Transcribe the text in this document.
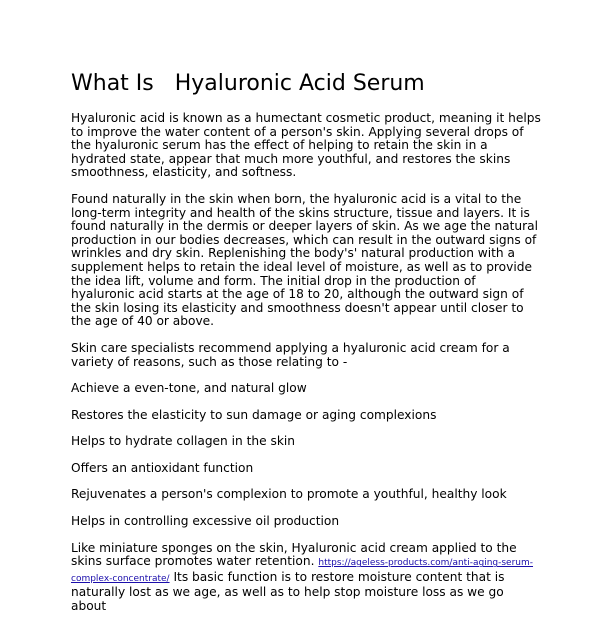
What Is   Hyaluronic Acid Serum

Hyaluronic acid is known as a humectant cosmetic product, meaning it helps to improve the water content of a person's skin. Applying several drops of the hyaluronic serum has the effect of helping to retain the skin in a hydrated state, appear that much more youthful, and restores the skins smoothness, elasticity, and softness.

Found naturally in the skin when born, the hyaluronic acid is a vital to the long-term integrity and health of the skins structure, tissue and layers. It is found naturally in the dermis or deeper layers of skin. As we age the natural production in our bodies decreases, which can result in the outward signs of wrinkles and dry skin. Replenishing the body's' natural production with a supplement helps to retain the ideal level of moisture, as well as to provide the idea lift, volume and form. The initial drop in the production of hyaluronic acid starts at the age of 18 to 20, although the outward sign of the skin losing its elasticity and smoothness doesn't appear until closer to the age of 40 or above.

Skin care specialists recommend applying a hyaluronic acid cream for a variety of reasons, such as those relating to -

Achieve a even-tone, and natural glow
Restores the elasticity to sun damage or aging complexions
Helps to hydrate collagen in the skin
Offers an antioxidant function
Rejuvenates a person's complexion to promote a youthful, healthy look
Helps in controlling excessive oil production

Like miniature sponges on the skin, Hyaluronic acid cream applied to the skins surface promotes water retention. https://ageless-products.com/anti-aging-serum-complex-concentrate/ Its basic function is to restore moisture content that is naturally lost as we age, as well as to help stop moisture loss as we go about
